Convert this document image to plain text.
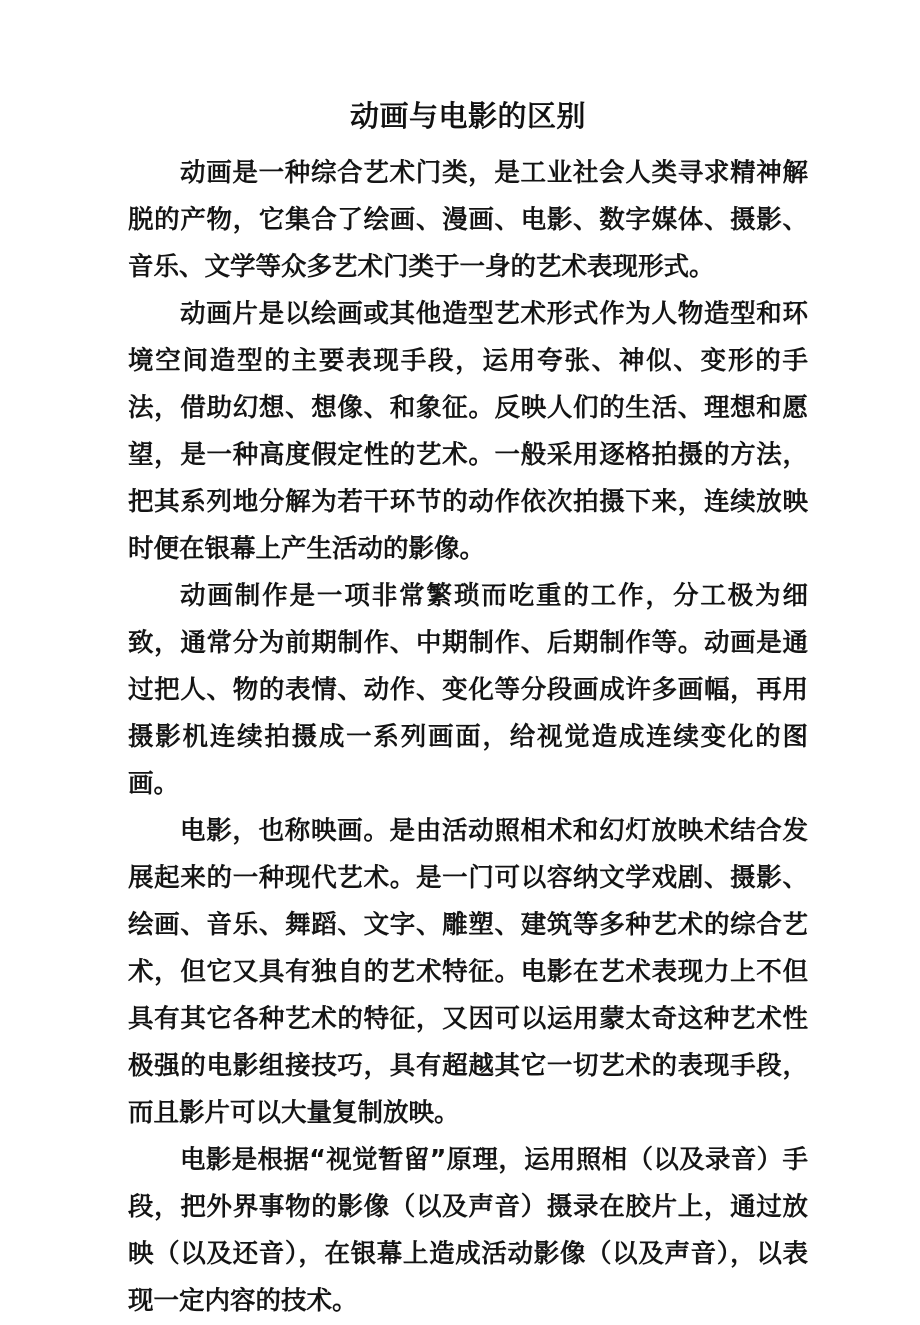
动画与电影的区别

动画是一种综合艺术门类，是工业社会人类寻求精神解脱的产物，它集合了绘画、漫画、电影、数字媒体、摄影、音乐、文学等众多艺术门类于一身的艺术表现形式。

动画片是以绘画或其他造型艺术形式作为人物造型和环境空间造型的主要表现手段，运用夸张、神似、变形的手法，借助幻想、想像、和象征。反映人们的生活、理想和愿望，是一种高度假定性的艺术。一般采用逐格拍摄的方法，把其系列地分解为若干环节的动作依次拍摄下来，连续放映时便在银幕上产生活动的影像。

动画制作是一项非常繁琐而吃重的工作，分工极为细致，通常分为前期制作、中期制作、后期制作等。动画是通过把人、物的表情、动作、变化等分段画成许多画幅，再用摄影机连续拍摄成一系列画面，给视觉造成连续变化的图画。

电影，也称映画。是由活动照相术和幻灯放映术结合发展起来的一种现代艺术。是一门可以容纳文学戏剧、摄影、绘画、音乐、舞蹈、文字、雕塑、建筑等多种艺术的综合艺术，但它又具有独自的艺术特征。电影在艺术表现力上不但具有其它各种艺术的特征，又因可以运用蒙太奇这种艺术性极强的电影组接技巧，具有超越其它一切艺术的表现手段，而且影片可以大量复制放映。

电影是根据“视觉暂留”原理，运用照相（以及录音）手段，把外界事物的影像（以及声音）摄录在胶片上，通过放映（以及还音），在银幕上造成活动影像（以及声音），以表现一定内容的技术。
